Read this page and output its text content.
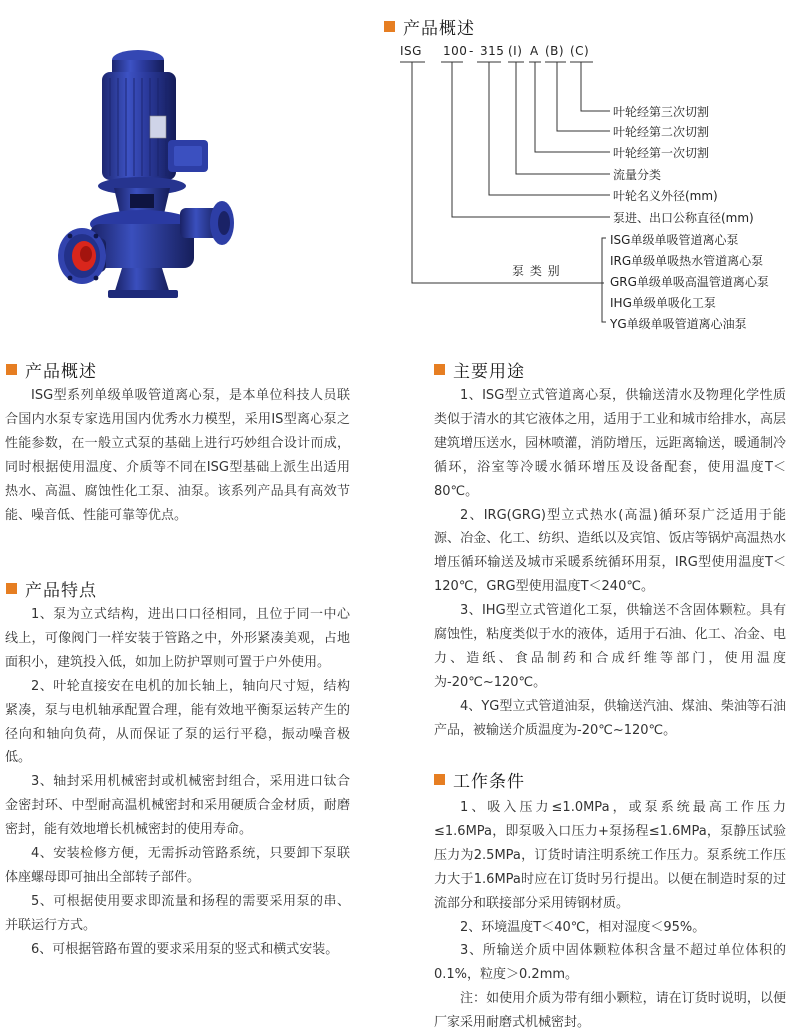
产品概述
ISG 100 - 315 (I) A (B) (C)
叶轮经第三次切割
叶轮经第二次切割
叶轮经第一次切割
流量分类
叶轮名义外径(mm)
泵进、出口公称直径(mm)
泵 类 别
ISG单级单吸管道离心泵
IRG单级单吸热水管道离心泵
GRG单级单吸高温管道离心泵
IHG单级单吸化工泵
YG单级单吸管道离心油泵
产品概述

ISG型系列单级单吸管道离心泵，是本单位科技人员联合国内水泵专家选用国内优秀水力模型，采用IS型离心泵之性能参数，在一般立式泵的基础上进行巧妙组合设计而成，同时根据使用温度、介质等不同在ISG型基础上派生出适用热水、高温、腐蚀性化工泵、油泵。该系列产品具有高效节能、噪音低、性能可靠等优点。

产品特点

1、泵为立式结构，进出口口径相同，且位于同一中心线上，可像阀门一样安装于管路之中，外形紧凑美观，占地面积小，建筑投入低，如加上防护罩则可置于户外使用。

2、叶轮直接安在电机的加长轴上，轴向尺寸短，结构紧凑，泵与电机轴承配置合理，能有效地平衡泵运转产生的径向和轴向负荷，从而保证了泵的运行平稳，振动噪音极低。

3、轴封采用机械密封或机械密封组合，采用进口钛合金密封环、中型耐高温机械密封和采用硬质合金材质，耐磨密封，能有效地增长机械密封的使用寿命。

4、安装检修方便，无需拆动管路系统，只要卸下泵联体座螺母即可抽出全部转子部件。

5、可根据使用要求即流量和扬程的需要采用泵的串、并联运行方式。

6、可根据管路布置的要求采用泵的竖式和横式安装。

主要用途

1、ISG型立式管道离心泵，供输送清水及物理化学性质类似于清水的其它液体之用，适用于工业和城市给排水，高层建筑增压送水，园林喷灌，消防增压，远距离输送，暖通制冷循环，浴室等冷暖水循环增压及设备配套，使用温度T＜80℃。

2、IRG(GRG)型立式热水(高温)循环泵广泛适用于能源、冶金、化工、纺织、造纸以及宾馆、饭店等锅炉高温热水增压循环输送及城市采暖系统循环用泵，IRG型使用温度T＜120℃，GRG型使用温度T＜240℃。

3、IHG型立式管道化工泵，供输送不含固体颗粒。具有腐蚀性，粘度类似于水的液体，适用于石油、化工、冶金、电力、造纸、食品制药和合成纤维等部门，使用温度为-20℃~120℃。

4、YG型立式管道油泵，供输送汽油、煤油、柴油等石油产品，被输送介质温度为-20℃~120℃。

工作条件

1、吸入压力≤1.0MPa，或泵系统最高工作压力≤1.6MPa，即泵吸入口压力+泵扬程≤1.6MPa，泵静压试验压力为2.5MPa，订货时请注明系统工作压力。泵系统工作压力大于1.6MPa时应在订货时另行提出。以便在制造时泵的过流部分和联接部分采用铸钢材质。

2、环境温度T＜40℃，相对湿度＜95%。

3、所输送介质中固体颗粒体积含量不超过单位体积的0.1%，粒度＞0.2mm。

注：如使用介质为带有细小颗粒，请在订货时说明，以便厂家采用耐磨式机械密封。
